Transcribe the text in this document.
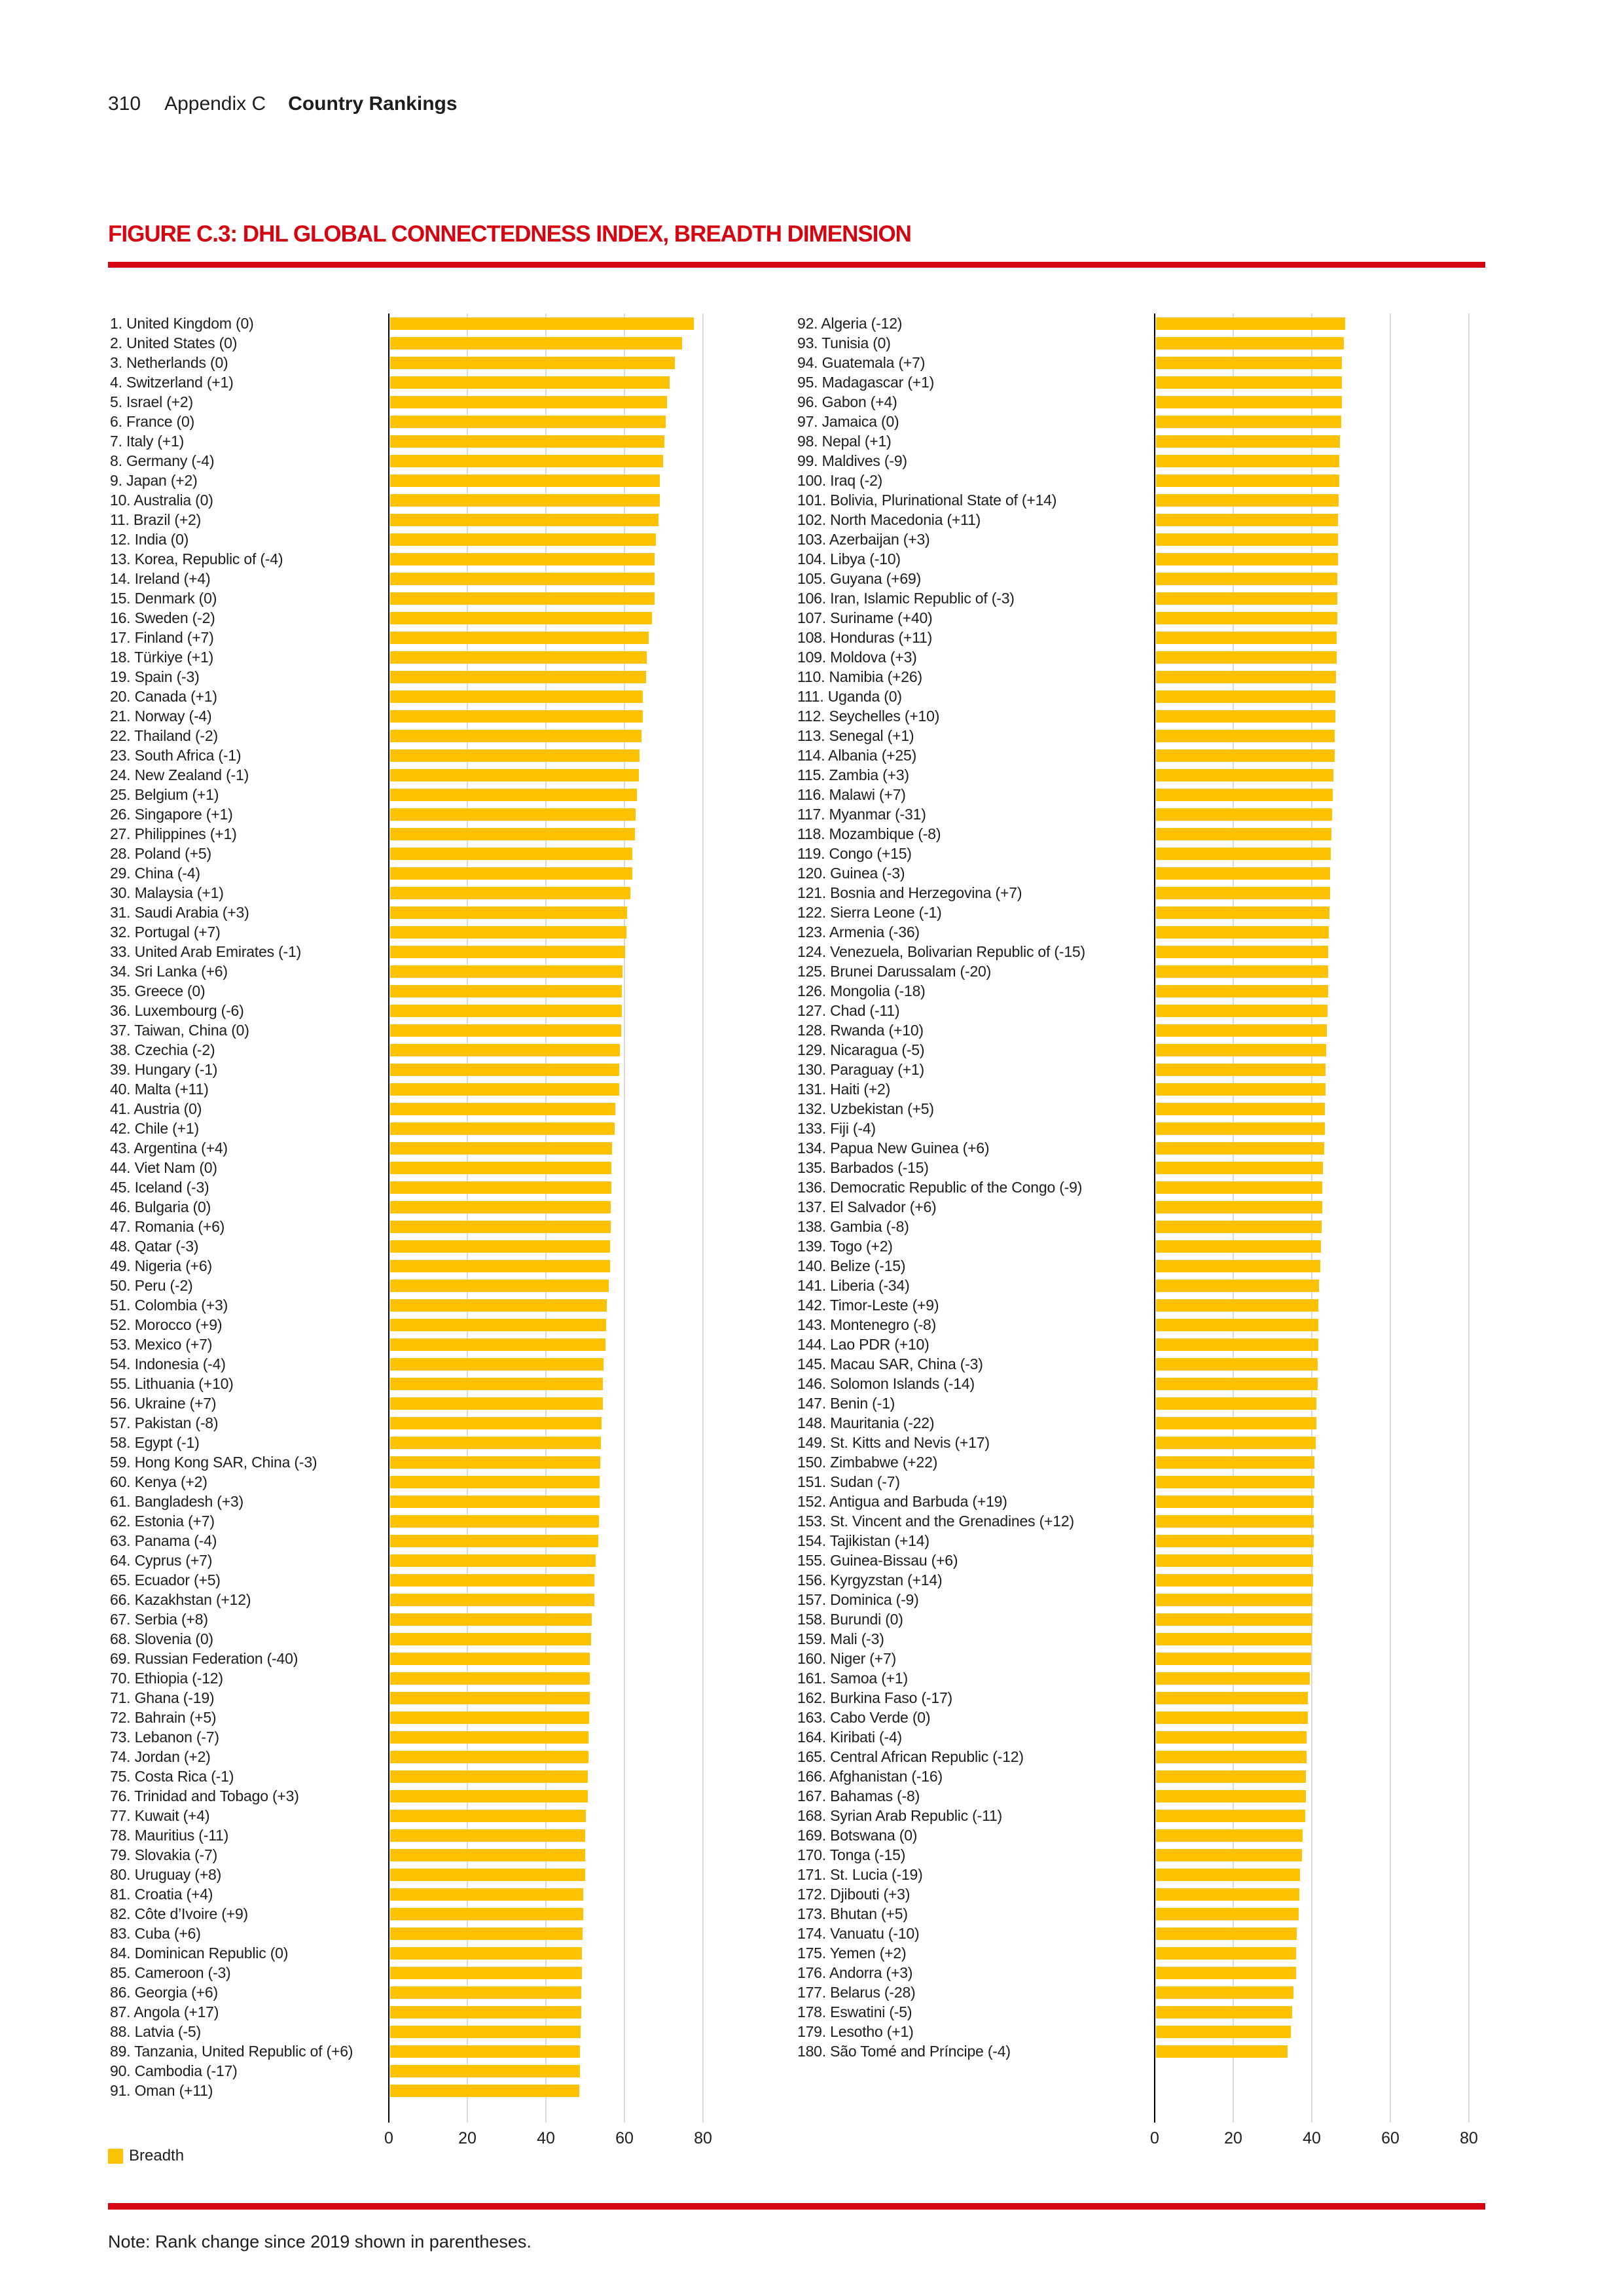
310 Appendix C Country Rankings
FIGURE C.3: DHL GLOBAL CONNECTEDNESS INDEX, BREADTH DIMENSION
1. United Kingdom (0)
2. United States (0)
3. Netherlands (0)
4. Switzerland (+1)
5. Israel (+2)
6. France (0)
7. Italy (+1)
8. Germany (-4)
9. Japan (+2)
10. Australia (0)
11. Brazil (+2)
12. India (0)
13. Korea, Republic of (-4)
14. Ireland (+4)
15. Denmark (0)
16. Sweden (-2)
17. Finland (+7)
18. Türkiye (+1)
19. Spain (-3)
20. Canada (+1)
21. Norway (-4)
22. Thailand (-2)
23. South Africa (-1)
24. New Zealand (-1)
25. Belgium (+1)
26. Singapore (+1)
27. Philippines (+1)
28. Poland (+5)
29. China (-4)
30. Malaysia (+1)
31. Saudi Arabia (+3)
32. Portugal (+7)
33. United Arab Emirates (-1)
34. Sri Lanka (+6)
35. Greece (0)
36. Luxembourg (-6)
37. Taiwan, China (0)
38. Czechia (-2)
39. Hungary (-1)
40. Malta (+11)
41. Austria (0)
42. Chile (+1)
43. Argentina (+4)
44. Viet Nam (0)
45. Iceland (-3)
46. Bulgaria (0)
47. Romania (+6)
48. Qatar (-3)
49. Nigeria (+6)
50. Peru (-2)
51. Colombia (+3)
52. Morocco (+9)
53. Mexico (+7)
54. Indonesia (-4)
55. Lithuania (+10)
56. Ukraine (+7)
57. Pakistan (-8)
58. Egypt (-1)
59. Hong Kong SAR, China (-3)
60. Kenya (+2)
61. Bangladesh (+3)
62. Estonia (+7)
63. Panama (-4)
64. Cyprus (+7)
65. Ecuador (+5)
66. Kazakhstan (+12)
67. Serbia (+8)
68. Slovenia (0)
69. Russian Federation (-40)
70. Ethiopia (-12)
71. Ghana (-19)
72. Bahrain (+5)
73. Lebanon (-7)
74. Jordan (+2)
75. Costa Rica (-1)
76. Trinidad and Tobago (+3)
77. Kuwait (+4)
78. Mauritius (-11)
79. Slovakia (-7)
80. Uruguay (+8)
81. Croatia (+4)
82. Côte d’Ivoire (+9)
83. Cuba (+6)
84. Dominican Republic (0)
85. Cameroon (-3)
86. Georgia (+6)
87. Angola (+17)
88. Latvia (-5)
89. Tanzania, United Republic of (+6)
90. Cambodia (-17)
91. Oman (+11)
0	20	40	60	80
92. Algeria (-12)
93. Tunisia (0)
94. Guatemala (+7)
95. Madagascar (+1)
96. Gabon (+4)
97. Jamaica (0)
98. Nepal (+1)
99. Maldives (-9)
100. Iraq (-2)
101. Bolivia, Plurinational State of (+14)
102. North Macedonia (+11)
103. Azerbaijan (+3)
104. Libya (-10)
105. Guyana (+69)
106. Iran, Islamic Republic of (-3)
107. Suriname (+40)
108. Honduras (+11)
109. Moldova (+3)
110. Namibia (+26)
111. Uganda (0)
112. Seychelles (+10)
113. Senegal (+1)
114. Albania (+25)
115. Zambia (+3)
116. Malawi (+7)
117. Myanmar (-31)
118. Mozambique (-8)
119. Congo (+15)
120. Guinea (-3)
121. Bosnia and Herzegovina (+7)
122. Sierra Leone (-1)
123. Armenia (-36)
124. Venezuela, Bolivarian Republic of (-15)
125. Brunei Darussalam (-20)
126. Mongolia (-18)
127. Chad (-11)
128. Rwanda (+10)
129. Nicaragua (-5)
130. Paraguay (+1)
131. Haiti (+2)
132. Uzbekistan (+5)
133. Fiji (-4)
134. Papua New Guinea (+6)
135. Barbados (-15)
136. Democratic Republic of the Congo (-9)
137. El Salvador (+6)
138. Gambia (-8)
139. Togo (+2)
140. Belize (-15)
141. Liberia (-34)
142. Timor-Leste (+9)
143. Montenegro (-8)
144. Lao PDR (+10)
145. Macau SAR, China (-3)
146. Solomon Islands (-14)
147. Benin (-1)
148. Mauritania (-22)
149. St. Kitts and Nevis (+17)
150. Zimbabwe (+22)
151. Sudan (-7)
152. Antigua and Barbuda (+19)
153. St. Vincent and the Grenadines (+12)
154. Tajikistan (+14)
155. Guinea-Bissau (+6)
156. Kyrgyzstan (+14)
157. Dominica (-9)
158. Burundi (0)
159. Mali (-3)
160. Niger (+7)
161. Samoa (+1)
162. Burkina Faso (-17)
163. Cabo Verde (0)
164. Kiribati (-4)
165. Central African Republic (-12)
166. Afghanistan (-16)
167. Bahamas (-8)
168. Syrian Arab Republic (-11)
169. Botswana (0)
170. Tonga (-15)
171. St. Lucia (-19)
172. Djibouti (+3)
173. Bhutan (+5)
174. Vanuatu (-10)
175. Yemen (+2)
176. Andorra (+3)
177. Belarus (-28)
178. Eswatini (-5)
179. Lesotho (+1)
180. São Tomé and Príncipe (-4)
0	20	40	60	80
Breadth
Note: Rank change since 2019 shown in parentheses.
